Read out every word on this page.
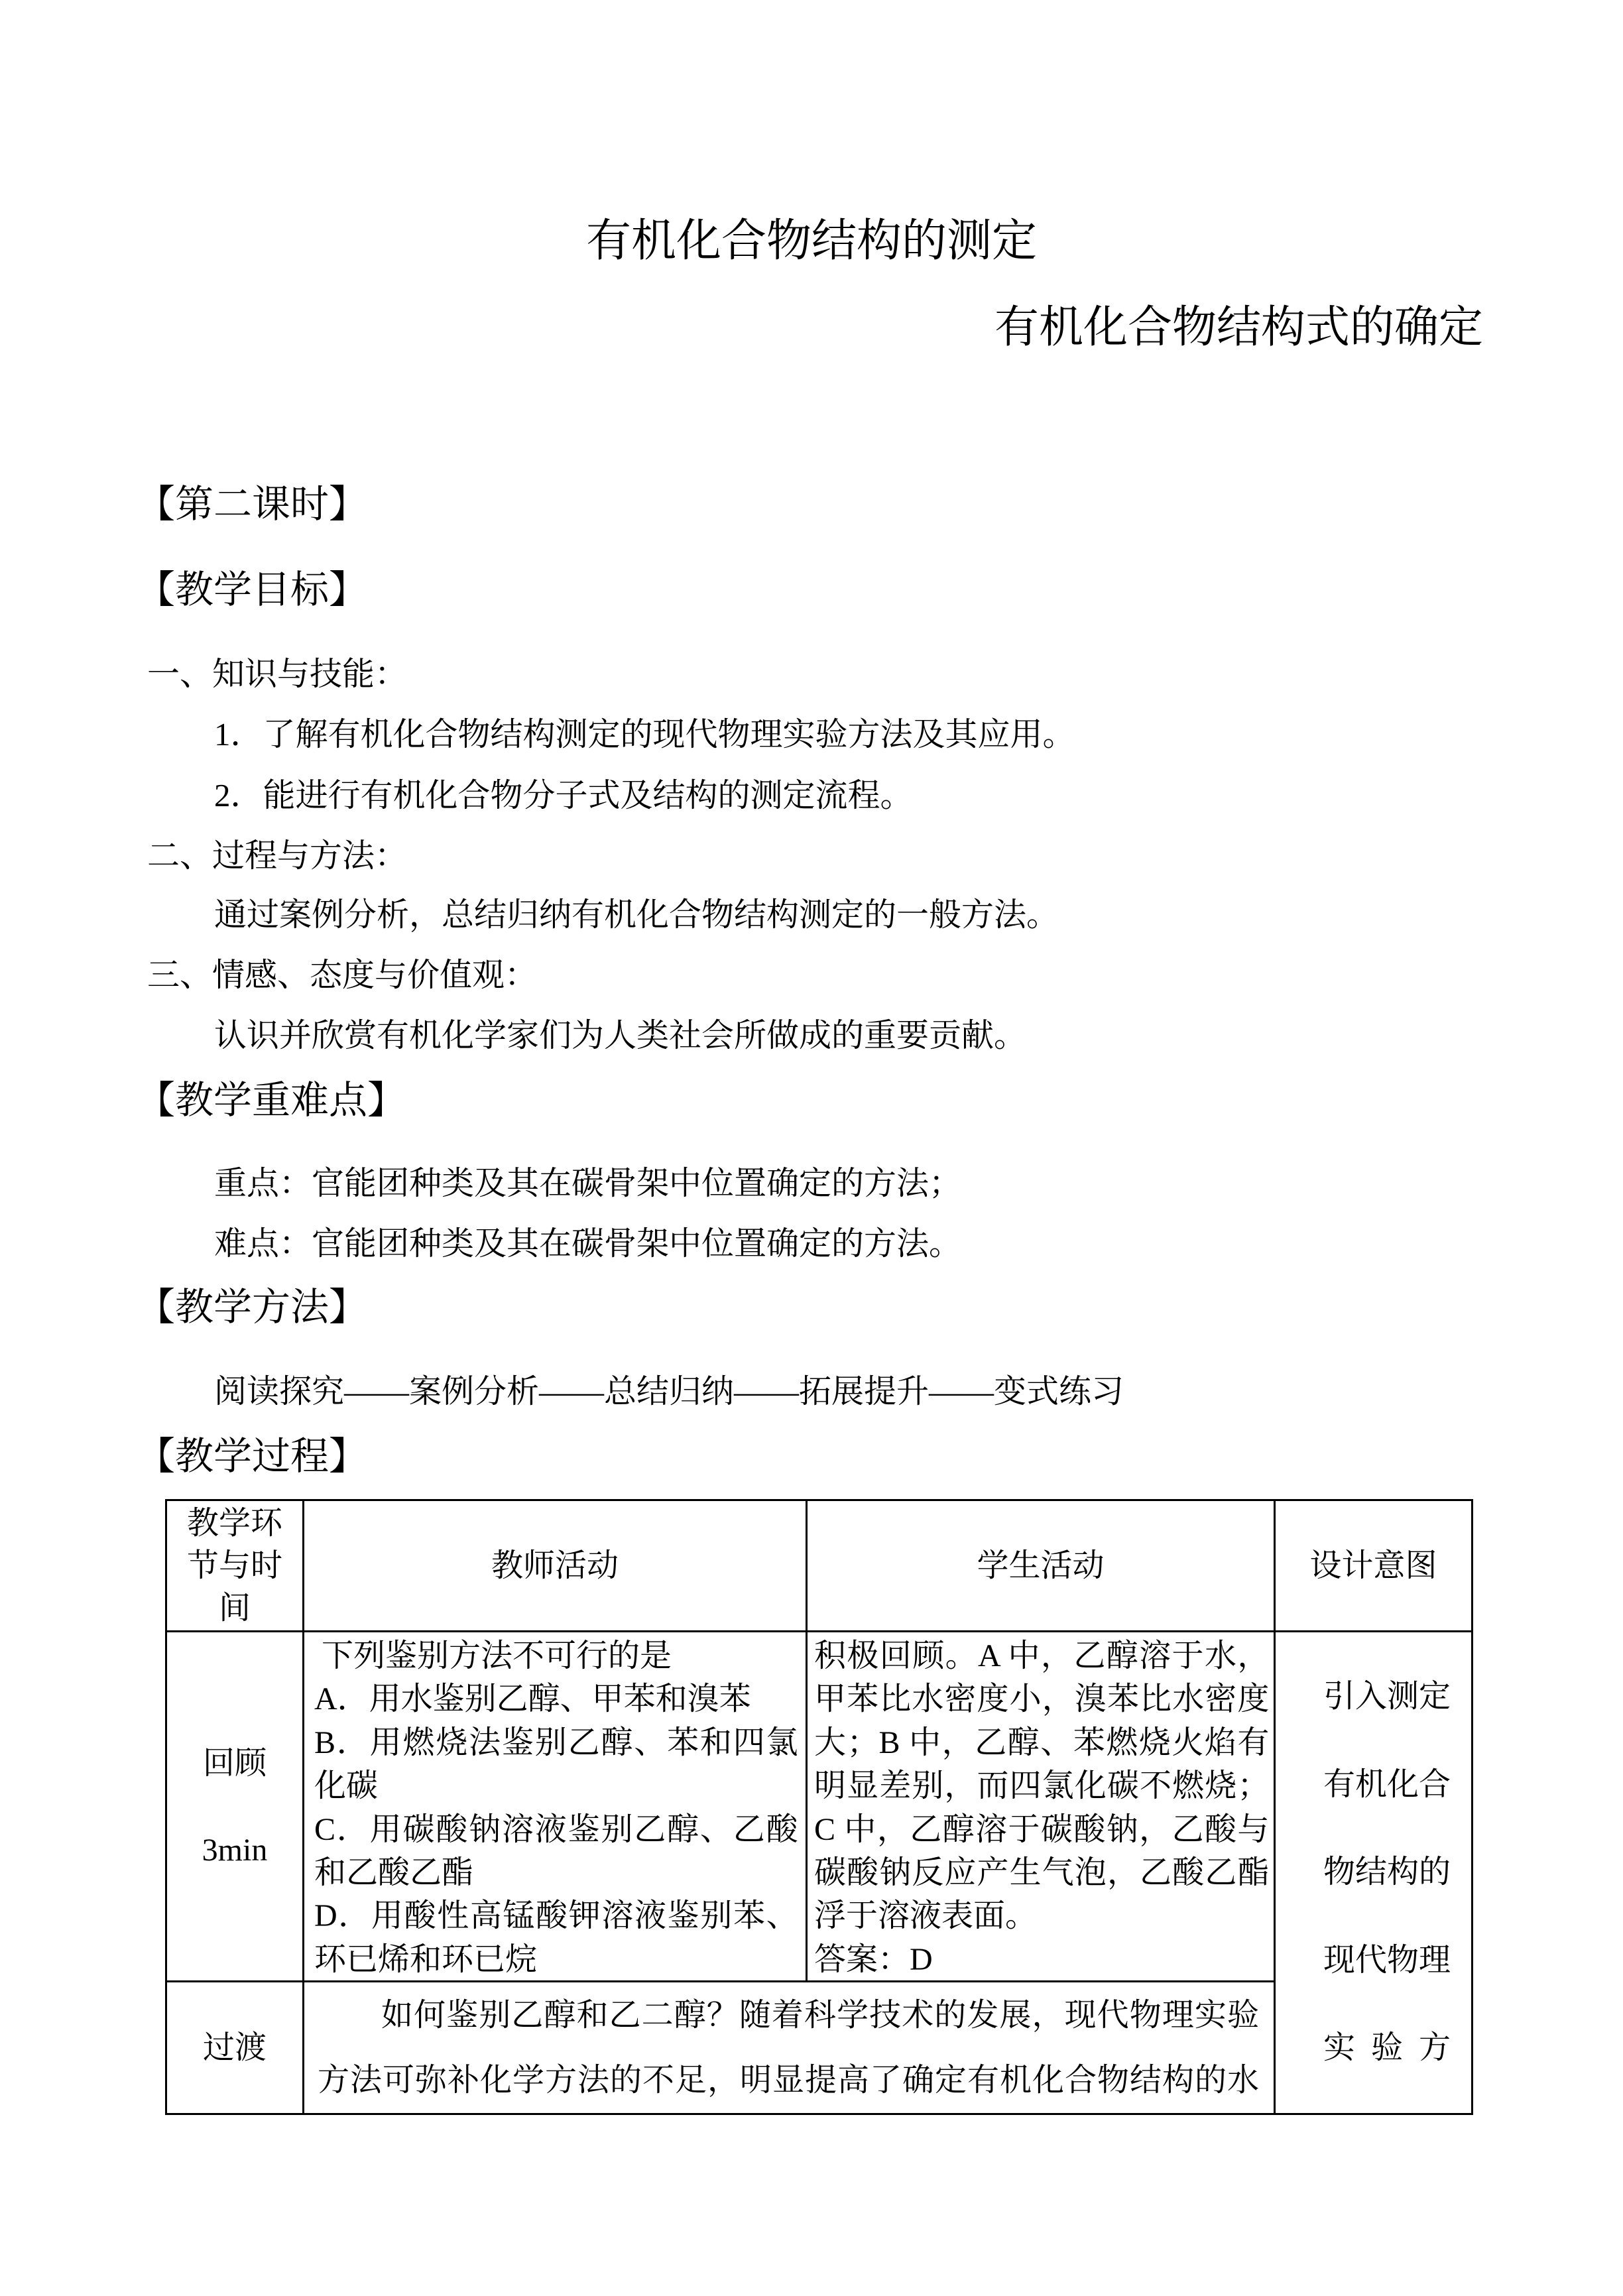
有机化合物结构的测定
有机化合物结构式的确定
【第二课时】
【教学目标】
一、知识与技能：
1．了解有机化合物结构测定的现代物理实验方法及其应用。
2．能进行有机化合物分子式及结构的测定流程。
二、过程与方法：
通过案例分析，总结归纳有机化合物结构测定的一般方法。
三、情感、态度与价值观：
认识并欣赏有机化学家们为人类社会所做成的重要贡献。
【教学重难点】
重点：官能团种类及其在碳骨架中位置确定的方法；
难点：官能团种类及其在碳骨架中位置确定的方法。
【教学方法】
阅读探究——案例分析——总结归纳——拓展提升——变式练习
【教学过程】
教学环节与时间
教师活动	学生活动	设计意图
回顾
3min
下列鉴别方法不可行的是
A．用水鉴别乙醇、甲苯和溴苯
B．用燃烧法鉴别乙醇、苯和四氯化碳
C．用碳酸钠溶液鉴别乙醇、乙酸和乙酸乙酯
D．用酸性高锰酸钾溶液鉴别苯、环已烯和环已烷
积极回顾。A 中，乙醇溶于水，甲苯比水密度小，溴苯比水密度大；B 中，乙醇、苯燃烧火焰有明显差别，而四氯化碳不燃烧；C 中，乙醇溶于碳酸钠，乙酸与碳酸钠反应产生气泡，乙酸乙酯浮于溶液表面。
答案：D
引入测定有机化合物结构的现代物理实验方
过渡
如何鉴别乙醇和乙二醇？随着科学技术的发展，现代物理实验方法可弥补化学方法的不足，明显提高了确定有机化合物结构的水
